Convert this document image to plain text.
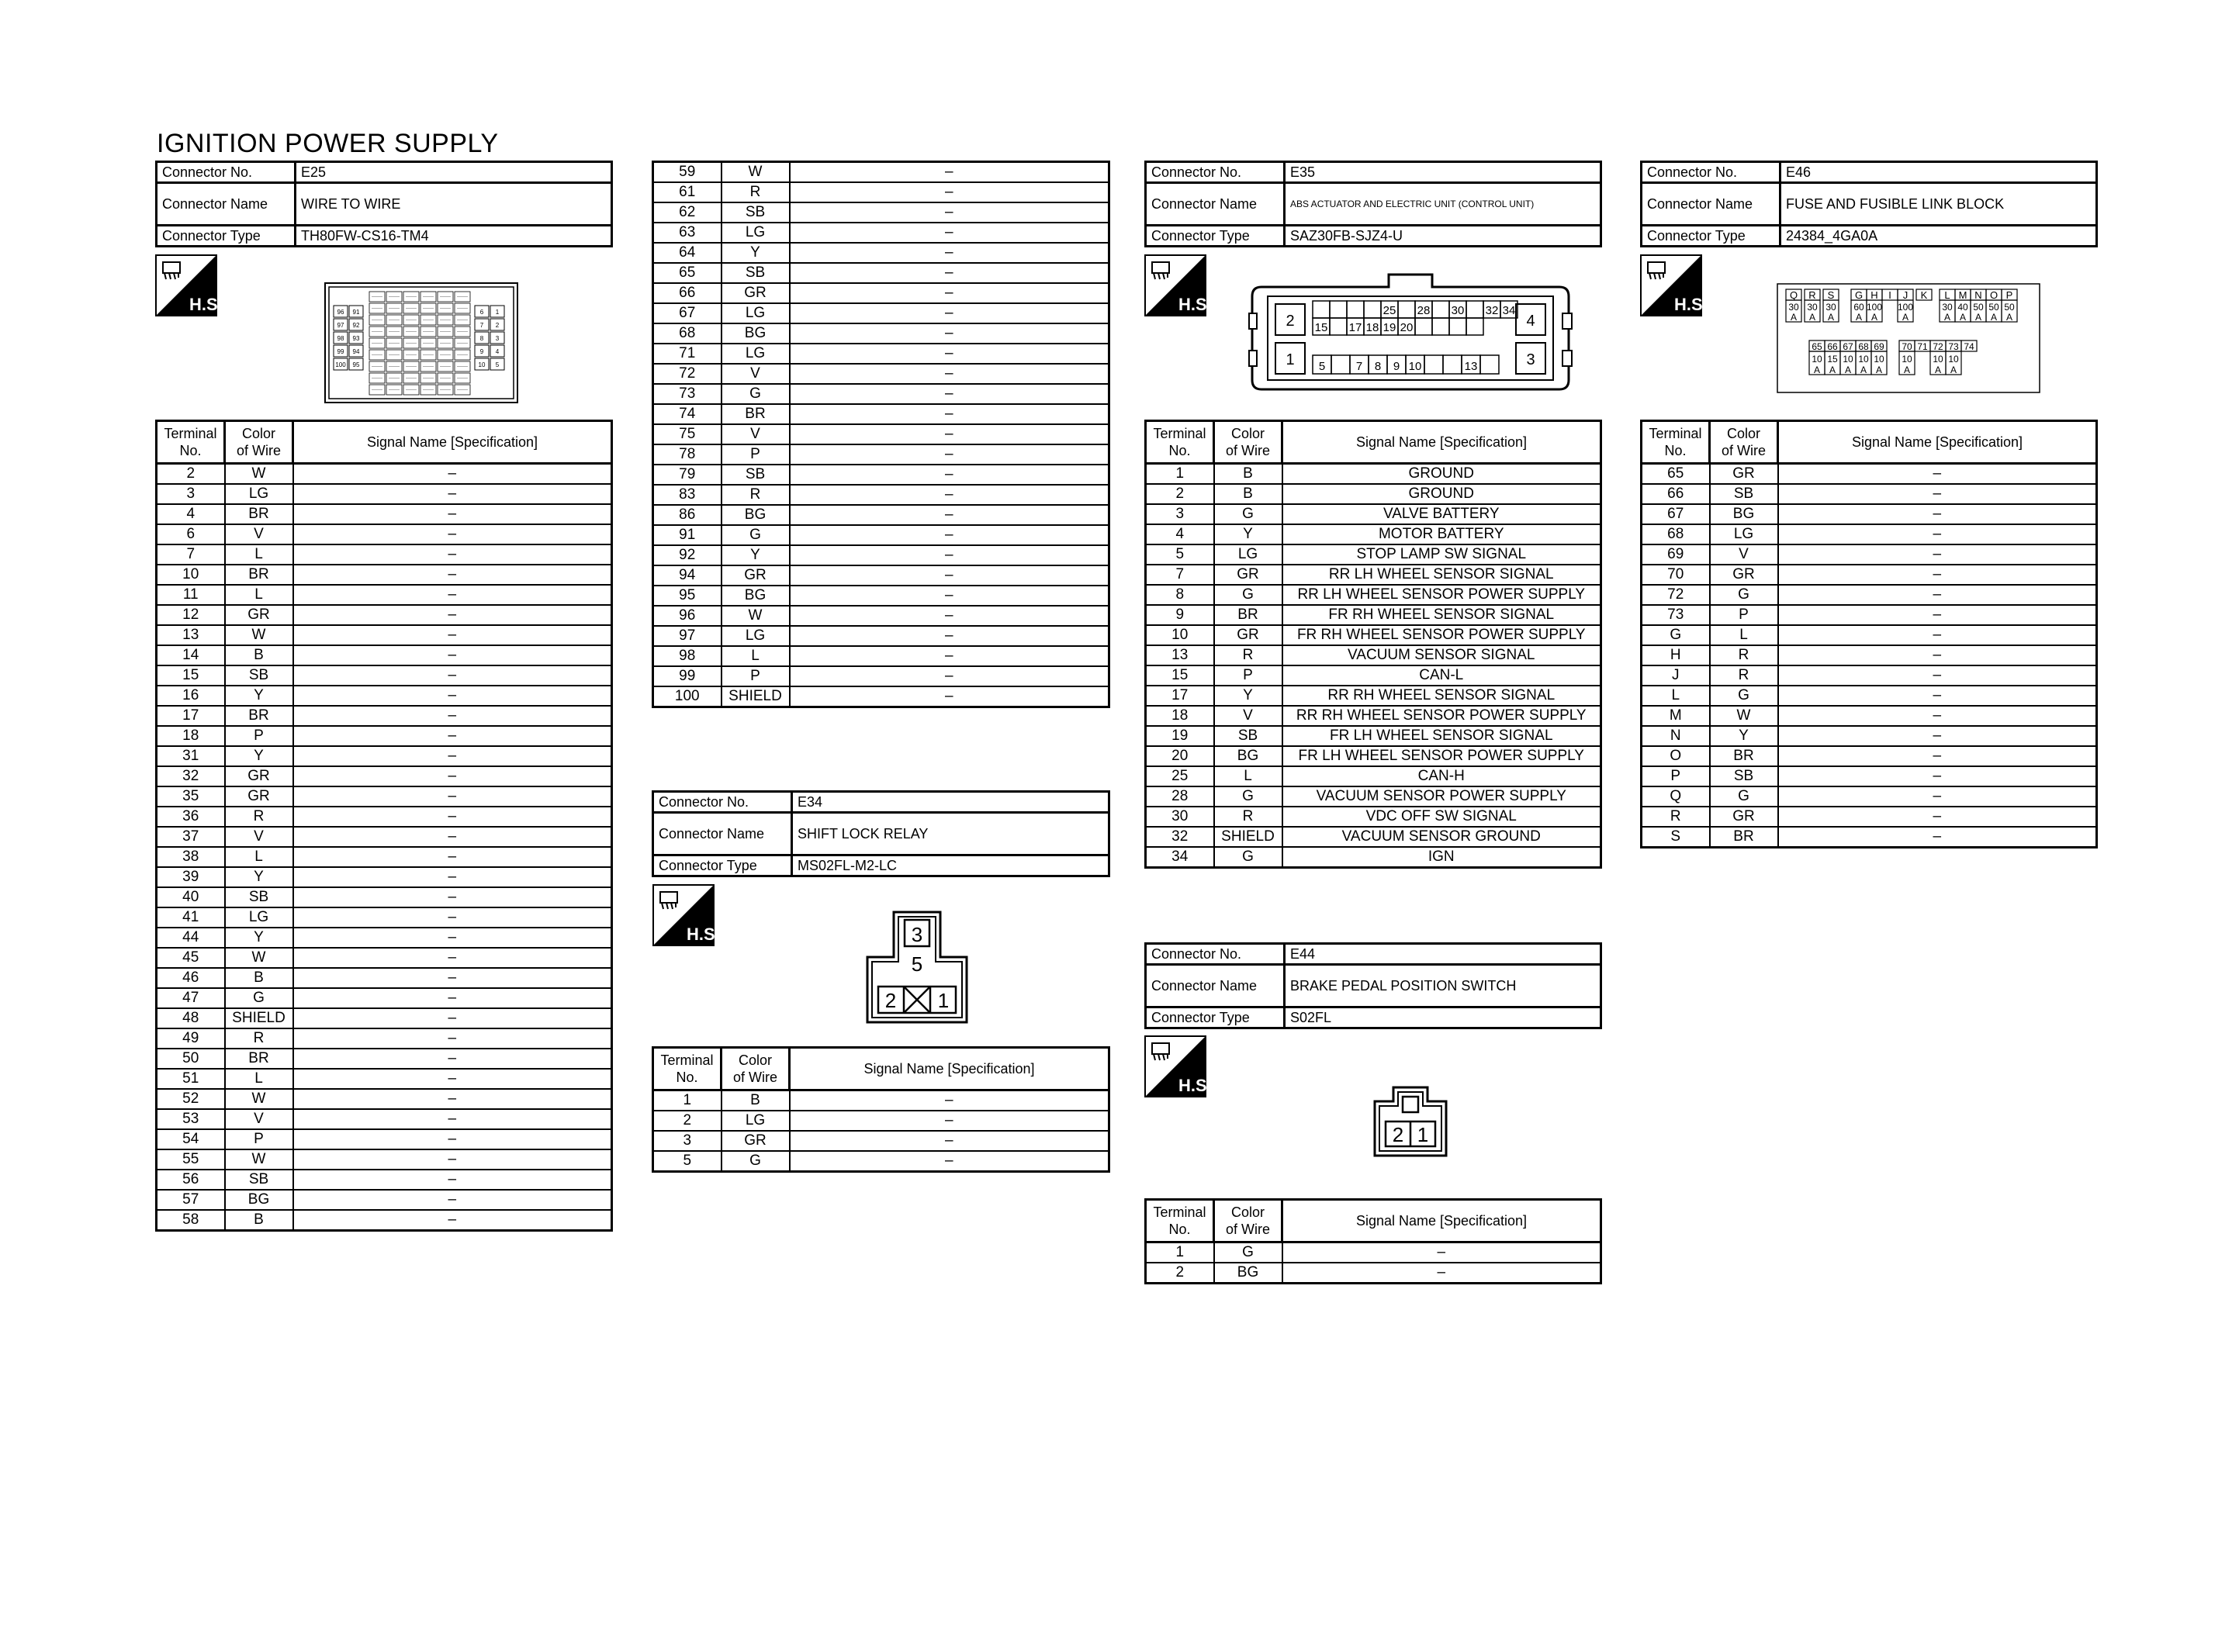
IGNITION POWER SUPPLY
Connector No.	E25
Connector Name	WIRE TO WIRE
Connector Type	TH80FW-CS16-TM4
H.S.	H.S.	H.S.
H.S.
H.S.
96 91
97 92
98 93
99 94
100 95
6 1
7 2
8 3
9 4
10 5
Terminal
No.	Color
of Wire	Signal Name [Specification]
2	W	–
3	LG	–
4	BR	–
6	V	–
7	L	–
10	BR	–
11	L	–
12	GR	–
13	W	–
14	B	–
15	SB	–
16	Y	–
17	BR	–
18	P	–
31	Y	–
32	GR	–
35	GR	–
36	R	–
37	V	–
38	L	–
39	Y	–
40	SB	–
41	LG	–
44	Y	–
45	W	–
46	B	–
47	G	–
48	SHIELD	–
49	R	–
50	BR	–
51	L	–
52	W	–
53	V	–
54	P	–
55	W	–
56	SB	–
57	BG	–
58	B	–
59	W	–
61	R	–
62	SB	–
63	LG	–
64	Y	–
65	SB	–
66	GR	–
67	LG	–
68	BG	–
71	LG	–
72	V	–
73	G	–
74	BR	–
75	V	–
78	P	–
79	SB	–
83	R	–
86	BG	–
91	G	–
92	Y	–
94	GR	–
95	BG	–
96	W	–
97	LG	–
98	L	–
99	P	–
100	SHIELD	–
Connector No.	E34
Connector Name	SHIFT LOCK RELAY
Connector Type	MS02FL-M2-LC
3
5
2 1
Terminal
No.	Color
of Wire	Signal Name [Specification]
1	B	–
2	LG	–
3	GR	–
5	G	–
Connector No.	E35
Connector Name	ABS ACTUATOR AND ELECTRIC UNIT (CONTROL UNIT)
Connector Type	SAZ30FB-SJZ4-U
2
1
4
3
25 28 30 32 34
15 17 18 19 20
5	7 8 9 10	13
Terminal
No.	Color
of Wire	Signal Name [Specification]
1	B	GROUND
2	B	GROUND
3	G	VALVE BATTERY
4	Y	MOTOR BATTERY
5	LG	STOP LAMP SW SIGNAL
7	GR	RR LH WHEEL SENSOR SIGNAL
8	G	RR LH WHEEL SENSOR POWER SUPPLY
9	BR	FR RH WHEEL SENSOR SIGNAL
10	GR	FR RH WHEEL SENSOR POWER SUPPLY
13	R	VACUUM SENSOR SIGNAL
15	P	CAN-L
17	Y	RR RH WHEEL SENSOR SIGNAL
18	V	RR RH WHEEL SENSOR POWER SUPPLY
19	SB	FR LH WHEEL SENSOR SIGNAL
20	BG	FR LH WHEEL SENSOR POWER SUPPLY
25	L	CAN-H
28	G	VACUUM SENSOR POWER SUPPLY
30	R	VDC OFF SW SIGNAL
32	SHIELD	VACUUM SENSOR GROUND
34	G	IGN
Connector No.	E44
Connector Name	BRAKE PEDAL POSITION SWITCH
Connector Type	S02FL
2 1
Terminal
No.	Color
of Wire	Signal Name [Specification]
1	G	–
2	BG	–
Connector No.	E46
Connector Name	FUSE AND FUSIBLE LINK BLOCK
Connector Type	24384_4GA0A
Q R S G H I J K L M N O P
30
A
30
A
30
A
60
A
100
A
100
A
30
A
40
A
50
A
50
A
50
A
65 66 67 68 69 70 71 72 73 74
10
A
15
A
10
A
10
A
10
A
10
A
10
A
10
A
Terminal
No.	Color
of Wire	Signal Name [Specification]
65	GR	–
66	SB	–
67	BG	–
68	LG	–
69	V	–
70	GR	–
72	G	–
73	P	–
G	L	–
H	R	–
J	R	–
L	G	–
M	W	–
N	Y	–
O	BR	–
P	SB	–
Q	G	–
R	GR	–
S	BR	–
